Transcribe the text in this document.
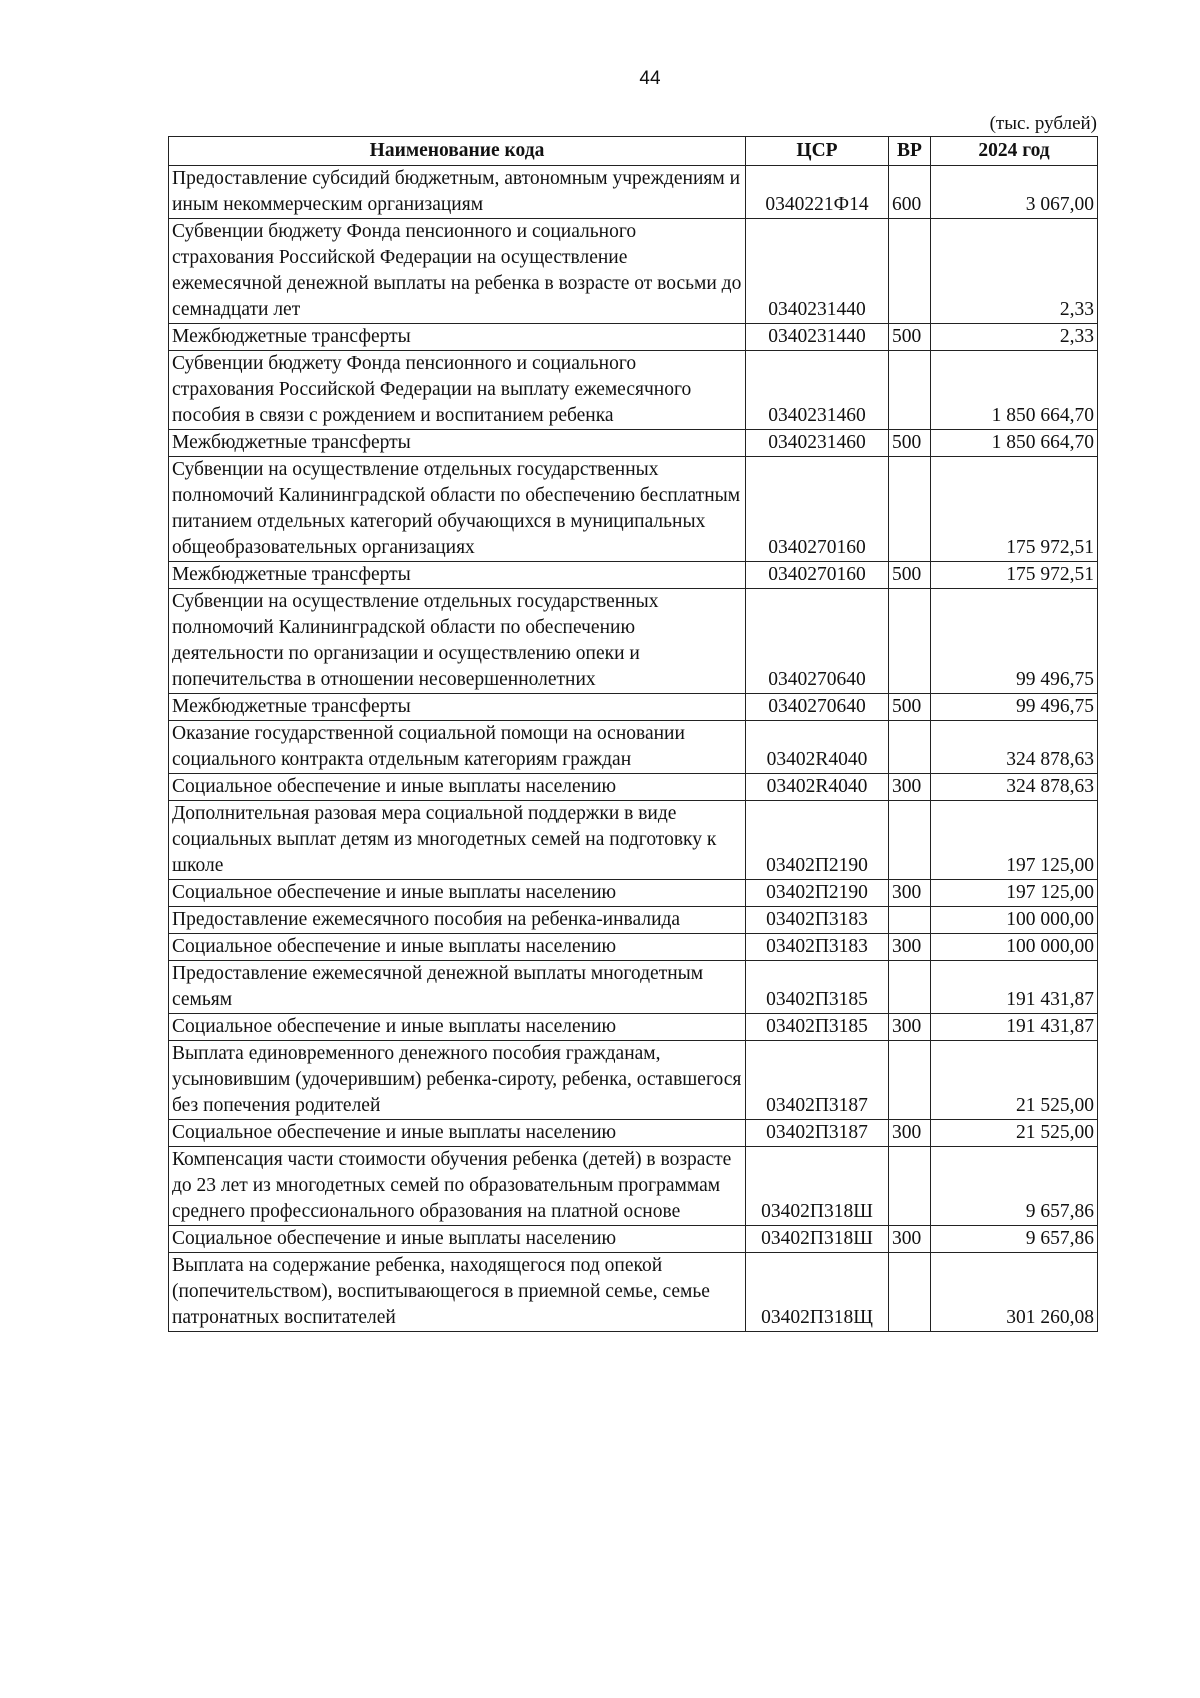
44
(тыс. рублей)
Наименование кода	ЦСР	ВР	2024 год
Предоставление субсидий бюджетным, автономным учреждениям и иным некоммерческим организациям	0340221Ф14	600	3 067,00
Субвенции бюджету Фонда пенсионного и социального страхования Российской Федерации на осуществление ежемесячной денежной выплаты на ребенка в возрасте от восьми до семнадцати лет	0340231440		2,33
Межбюджетные трансферты	0340231440	500	2,33
Субвенции бюджету Фонда пенсионного и социального страхования Российской Федерации на выплату ежемесячного пособия в связи с рождением и воспитанием ребенка	0340231460		1 850 664,70
Межбюджетные трансферты	0340231460	500	1 850 664,70
Субвенции на осуществление отдельных государственных полномочий Калининградской области по обеспечению бесплатным питанием отдельных категорий обучающихся в муниципальных общеобразовательных организациях	0340270160		175 972,51
Межбюджетные трансферты	0340270160	500	175 972,51
Субвенции на осуществление отдельных государственных полномочий Калининградской области по обеспечению деятельности по организации и осуществлению опеки и попечительства в отношении несовершеннолетних	0340270640		99 496,75
Межбюджетные трансферты	0340270640	500	99 496,75
Оказание государственной социальной помощи на основании социального контракта отдельным категориям граждан	03402R4040		324 878,63
Социальное обеспечение и иные выплаты населению	03402R4040	300	324 878,63
Дополнительная разовая мера социальной поддержки в виде социальных выплат детям из многодетных семей на подготовку к школе	03402П2190		197 125,00
Социальное обеспечение и иные выплаты населению	03402П2190	300	197 125,00
Предоставление ежемесячного пособия на ребенка-инвалида	03402П3183		100 000,00
Социальное обеспечение и иные выплаты населению	03402П3183	300	100 000,00
Предоставление ежемесячной денежной выплаты многодетным семьям	03402П3185		191 431,87
Социальное обеспечение и иные выплаты населению	03402П3185	300	191 431,87
Выплата единовременного денежного пособия гражданам, усыновившим (удочерившим) ребенка-сироту, ребенка, оставшегося без попечения родителей	03402П3187		21 525,00
Социальное обеспечение и иные выплаты населению	03402П3187	300	21 525,00
Компенсация части стоимости обучения ребенка (детей) в возрасте до 23 лет из многодетных семей по образовательным программам среднего профессионального образования на платной основе	03402П318Ш		9 657,86
Социальное обеспечение и иные выплаты населению	03402П318Ш	300	9 657,86
Выплата на содержание ребенка, находящегося под опекой (попечительством), воспитывающегося в приемной семье, семье патронатных воспитателей	03402П318Щ		301 260,08
